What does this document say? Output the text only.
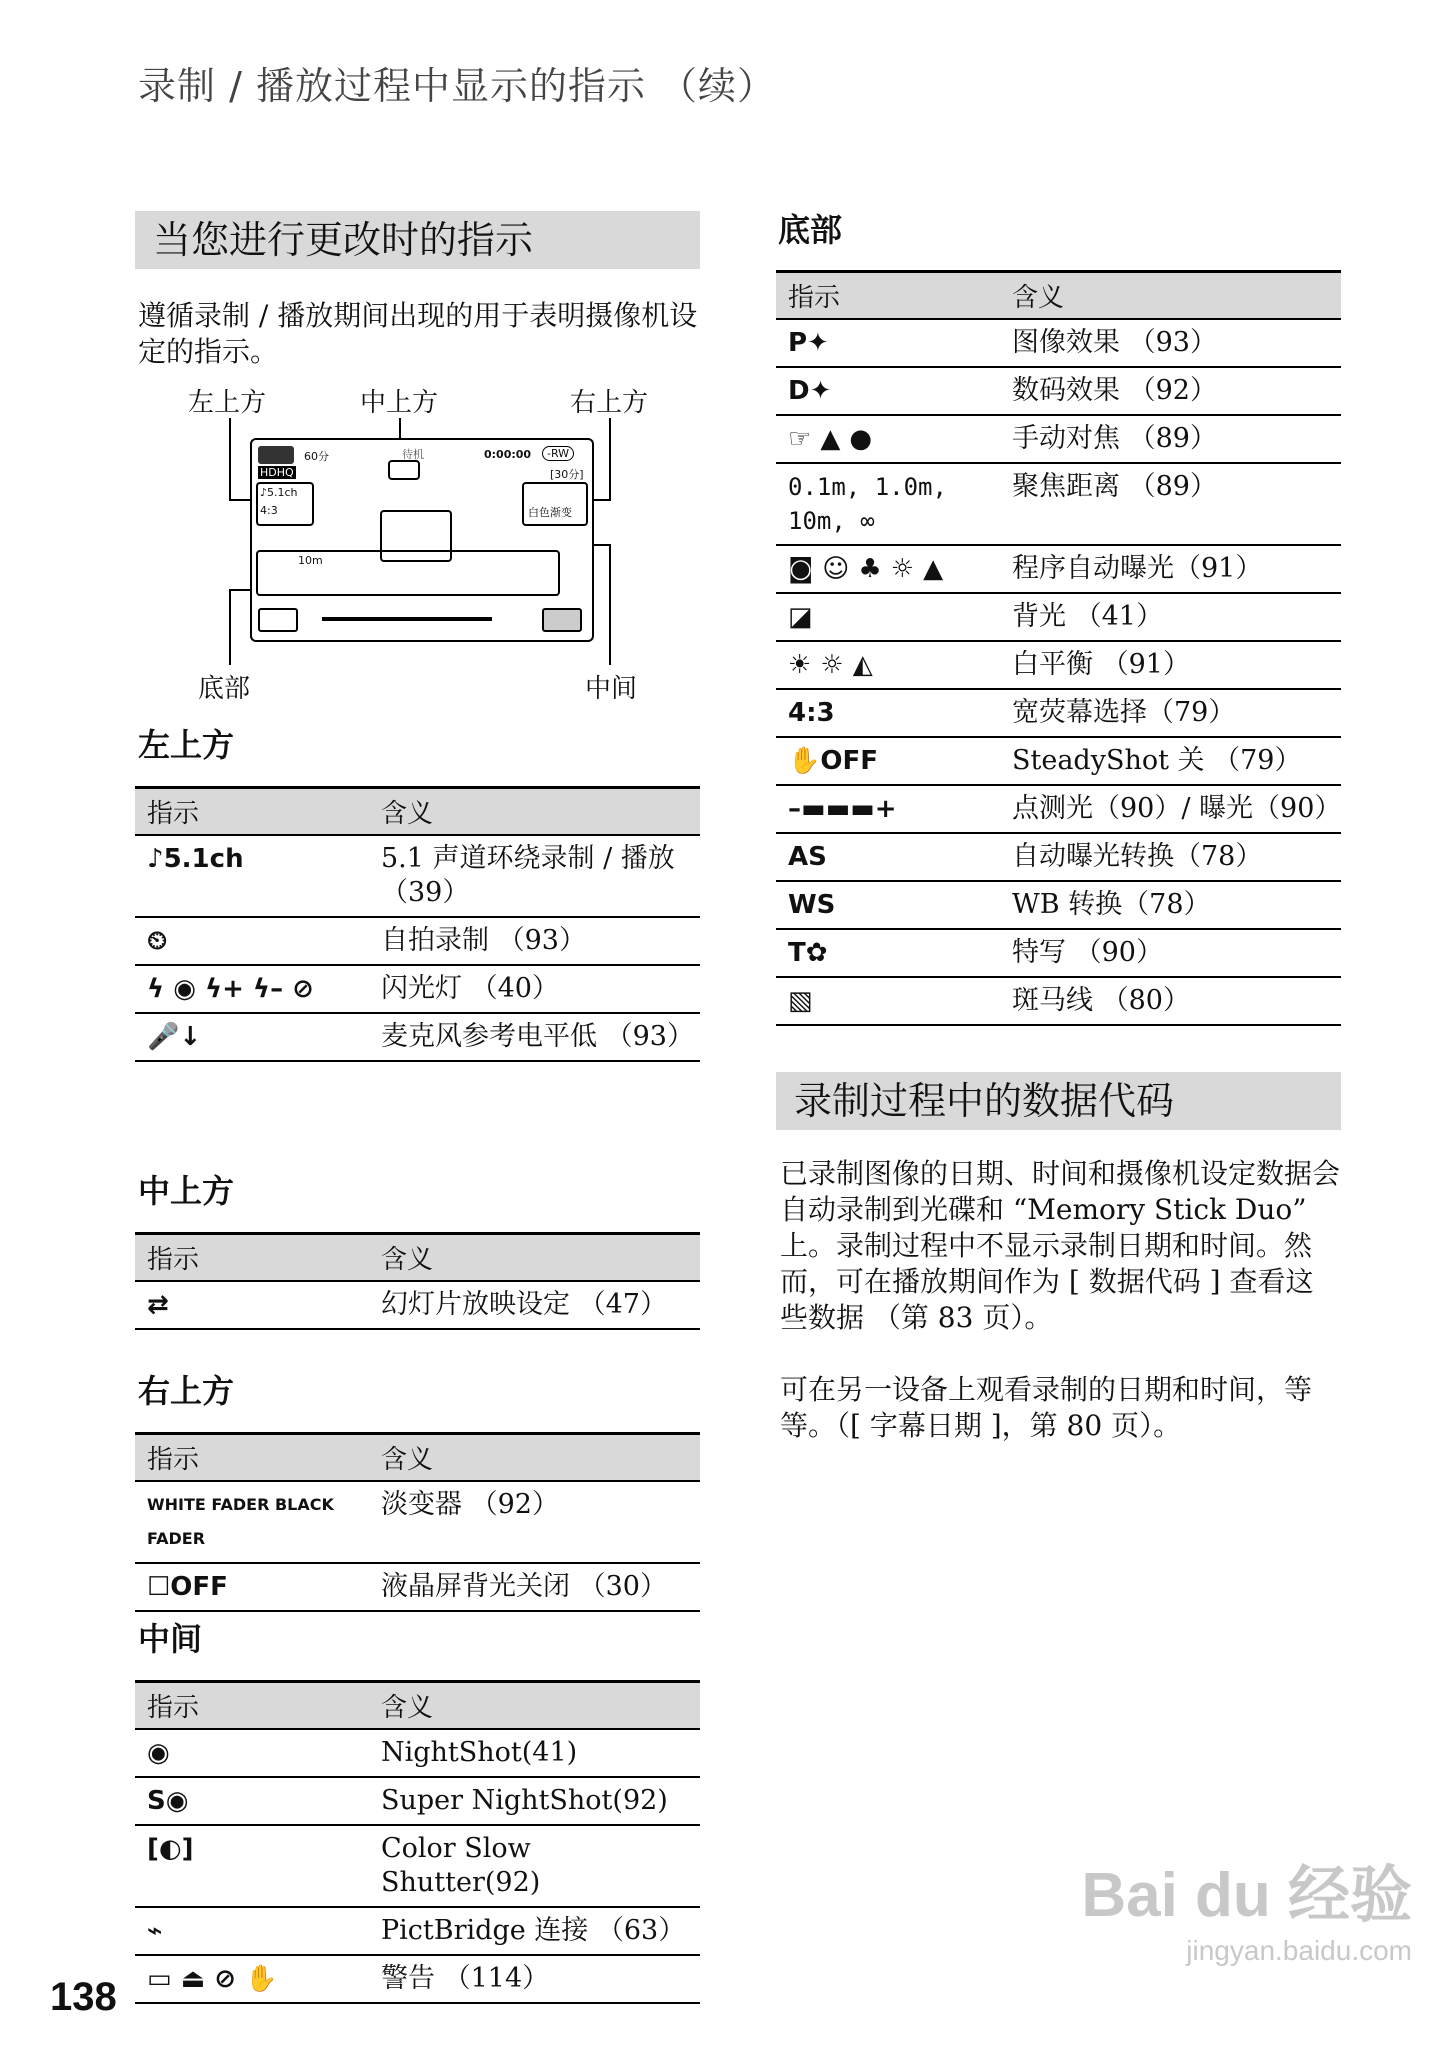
录制 / 播放过程中显示的指示 （续）
当您进行更改时的指示
遵循录制 / 播放期间出现的用于表明摄像机设定的指示。
左上方	中上方	右上方
底部	中间
60分	待机	0:00:00	-RW
HDHQ	[30分]
♪5.1ch
4:3	白色渐变
10m
左上方
指示	含义
♪5.1ch	5.1 声道环绕录制 / 播放 （39）
⏲	自拍录制 （93）
ϟ ◉ ϟ+ ϟ– ⊘	闪光灯 （40）
🎤↓	麦克风参考电平低 （93）
中上方
指示	含义
⇄	幻灯片放映设定 （47）
右上方
指示	含义
WHITE FADER BLACK FADER	淡变器 （92）
☐OFF	液晶屏背光关闭 （30）
中间
指示	含义
◉	NightShot(41)
S◉	Super NightShot(92)
[◐]	Color Slow Shutter(92)
⌁	PictBridge 连接 （63）
▭ ⏏ ⊘ ✋	警告 （114）
底部
指示	含义
P✦	图像效果 （93）
D✦	数码效果 （92）
☞ ▲ ●	手动对焦 （89）
0.1m, 1.0m, 10m, ∞	聚焦距离 （89）
◙ ☺ ♣ ☼ ▲	程序自动曝光（91）
◪	背光 （41）
☀ ☼ ◭	白平衡 （91）
4:3	宽荧幕选择（79）
✋OFF	SteadyShot 关 （79）
–▬▬▬+	点测光（90）/ 曝光（90）
AS	自动曝光转换（78）
WS	WB 转换（78）
T✿	特写 （90）
▧	斑马线 （80）
录制过程中的数据代码
已录制图像的日期、时间和摄像机设定数据会自动录制到光碟和 “Memory Stick Duo” 上。录制过程中不显示录制日期和时间。然而，可在播放期间作为 [ 数据代码 ] 查看这些数据 （第 83 页）。
可在另一设备上观看录制的日期和时间，等等。（[ 字幕日期 ]，第 80 页）。
138
Bai du 经验
jingyan.baidu.com
